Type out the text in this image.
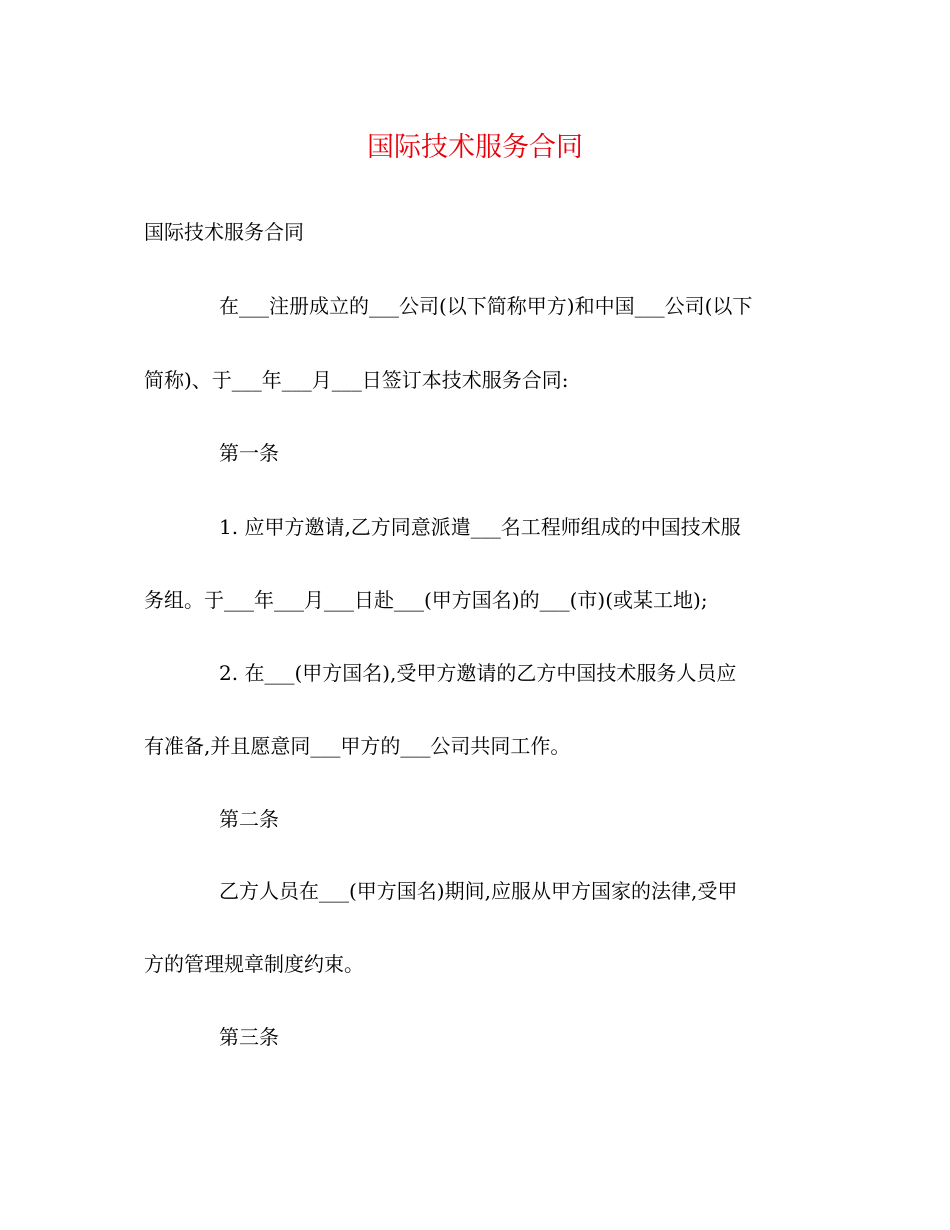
国际技术服务合同
国际技术服务合同
在___注册成立的___公司(以下简称甲方)和中国___公司(以下
简称)、于___年___月___日签订本技术服务合同:
第一条
1. 应甲方邀请,乙方同意派遣___名工程师组成的中国技术服
务组。于___年___月___日赴___(甲方国名)的___(市)(或某工地);
2. 在___(甲方国名),受甲方邀请的乙方中国技术服务人员应
有准备,并且愿意同___甲方的___公司共同工作。
第二条
乙方人员在___(甲方国名)期间,应服从甲方国家的法律,受甲
方的管理规章制度约束。
第三条
